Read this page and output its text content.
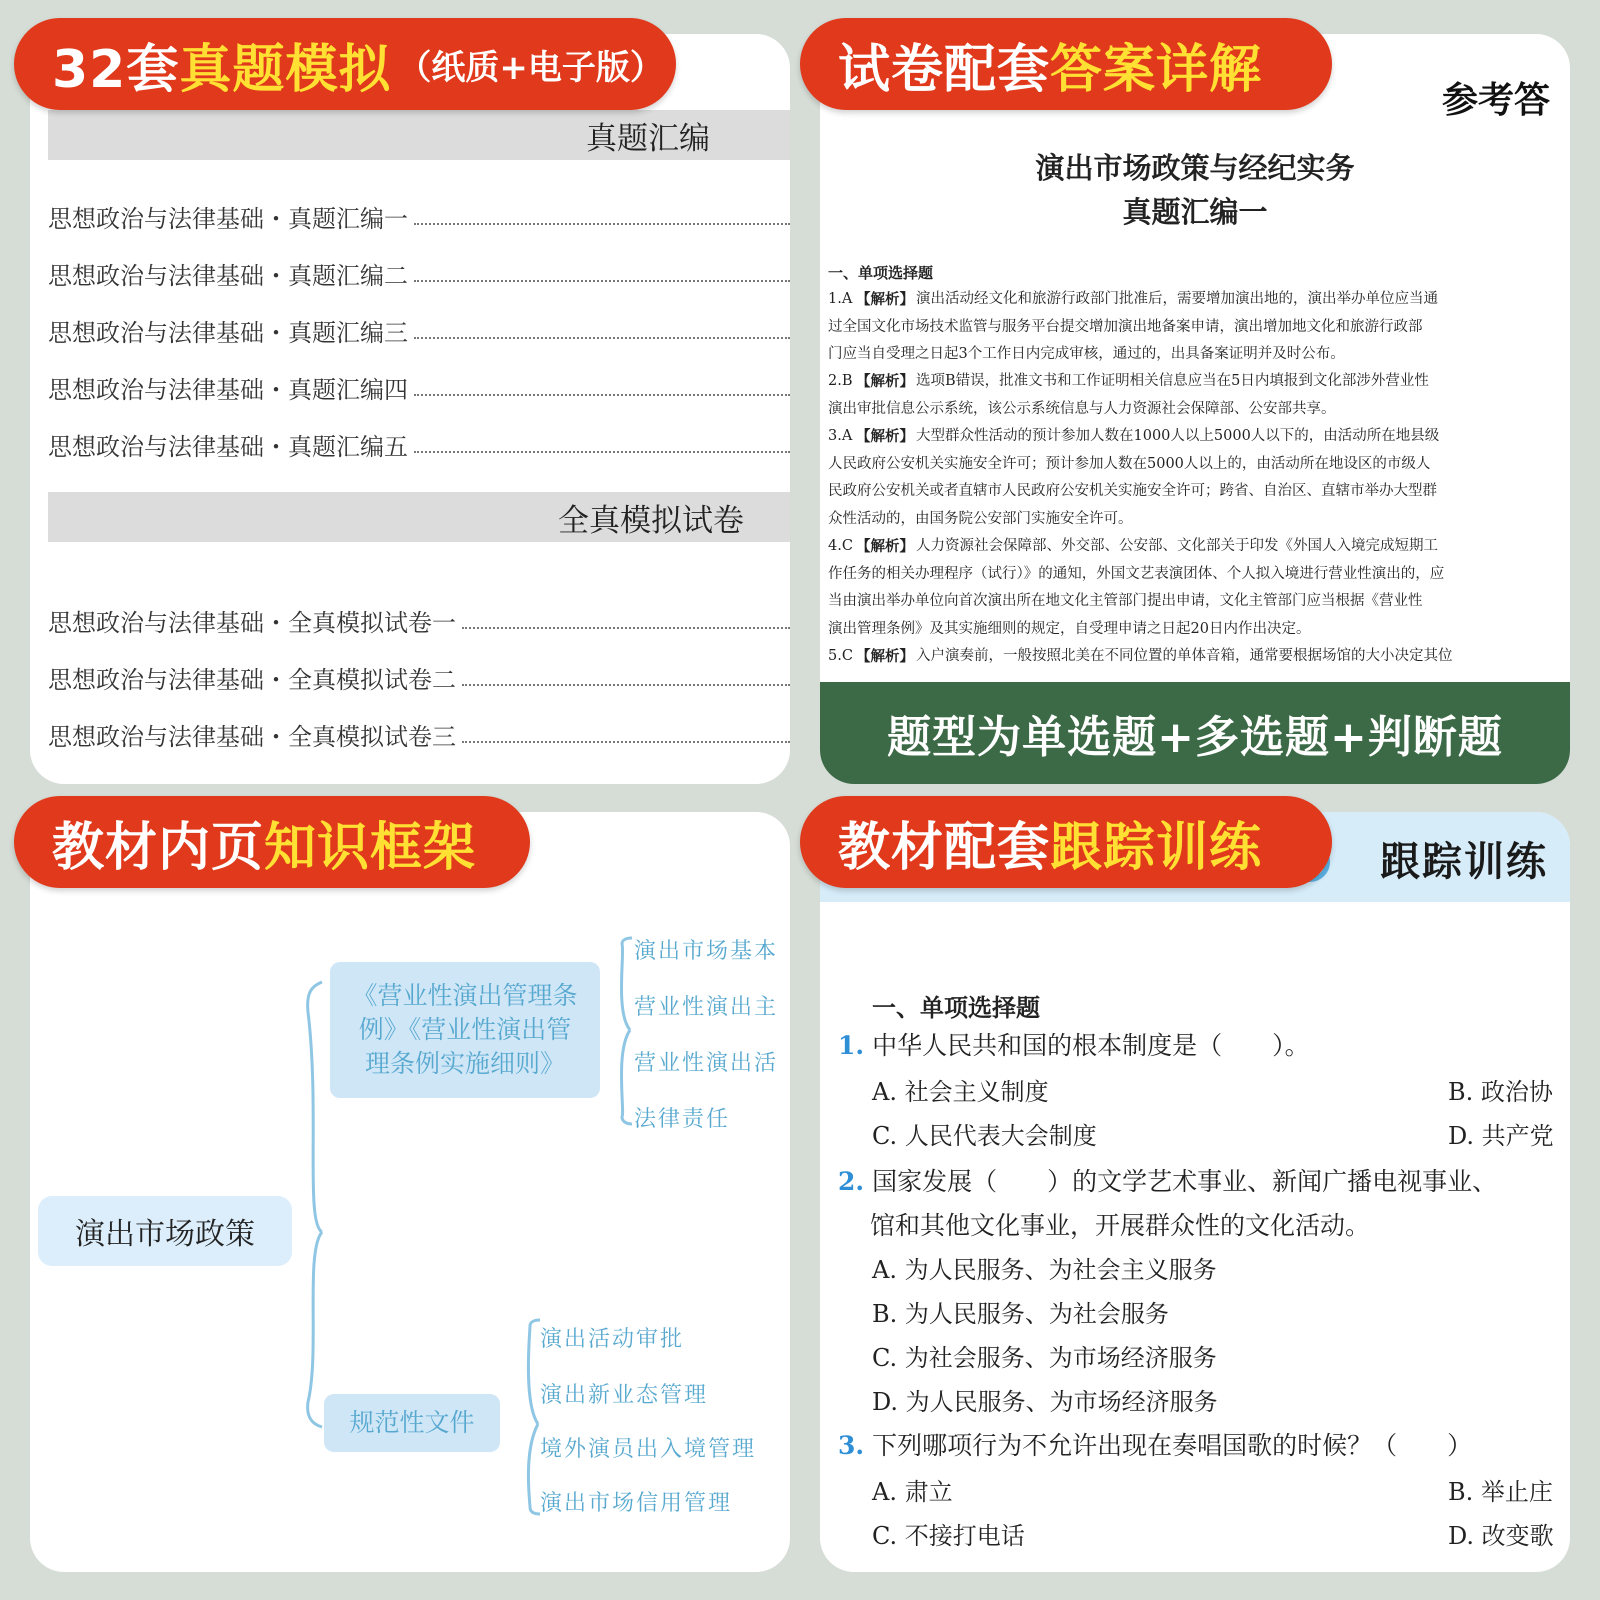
真题汇编
思想政治与法律基础・真题汇编一
思想政治与法律基础・真题汇编二
思想政治与法律基础・真题汇编三
思想政治与法律基础・真题汇编四
思想政治与法律基础・真题汇编五
全真模拟试卷
思想政治与法律基础・全真模拟试卷一
思想政治与法律基础・全真模拟试卷二
思想政治与法律基础・全真模拟试卷三
32套 真题模拟 （纸质+电子版）
参考答
演出市场政策与经纪实务
真题汇编一
一、单项选择题
1.A 【解析】 演出活动经文化和旅游行政部门批准后，需要增加演出地的，演出举办单位应当通
过全国文化市场技术监管与服务平台提交增加演出地备案申请，演出增加地文化和旅游行政部
门应当自受理之日起3个工作日内完成审核，通过的，出具备案证明并及时公布。
2.B 【解析】 选项B错误，批准文书和工作证明相关信息应当在5日内填报到文化部涉外营业性
演出审批信息公示系统，该公示系统信息与人力资源社会保障部、公安部共享。
3.A 【解析】 大型群众性活动的预计参加人数在1000人以上5000人以下的，由活动所在地县级
人民政府公安机关实施安全许可；预计参加人数在5000人以上的，由活动所在地设区的市级人
民政府公安机关或者直辖市人民政府公安机关实施安全许可；跨省、自治区、直辖市举办大型群
众性活动的，由国务院公安部门实施安全许可。
4.C 【解析】 人力资源社会保障部、外交部、公安部、文化部关于印发《外国人入境完成短期工
作任务的相关办理程序（试行）》的通知，外国文艺表演团体、个人拟入境进行营业性演出的，应
当由演出举办单位向首次演出所在地文化主管部门提出申请，文化主管部门应当根据《营业性
演出管理条例》及其实施细则的规定，自受理申请之日起20日内作出决定。
5.C 【解析】 入户演奏前，一般按照北美在不同位置的单体音箱，通常要根据场馆的大小决定其位
题型为单选题+多选题+判断题
试卷配套 答案详解
演出市场政策
《营业性演出管理条例》《营业性演出管理条例实施细则》
演出市场基本
营业性演出主
营业性演出活
法律责任
规范性文件
演出活动审批
演出新业态管理
境外演员出入境管理
演出市场信用管理
教材内页 知识框架	跟踪训练
一、单项选择题
1. 中华人民共和国的根本制度是（　　）。
A. 社会主义制度	B. 政治协
C. 人民代表大会制度	D. 共产党
2. 国家发展（　　）的文学艺术事业、新闻广播电视事业、
馆和其他文化事业，开展群众性的文化活动。
A. 为人民服务、为社会主义服务
B. 为人民服务、为社会服务
C. 为社会服务、为市场经济服务
D. 为人民服务、为市场经济服务
3. 下列哪项行为不允许出现在奏唱国歌的时候？（　　）
A. 肃立	B. 举止庄
C. 不接打电话	D. 改变歌
教材配套 跟踪训练
